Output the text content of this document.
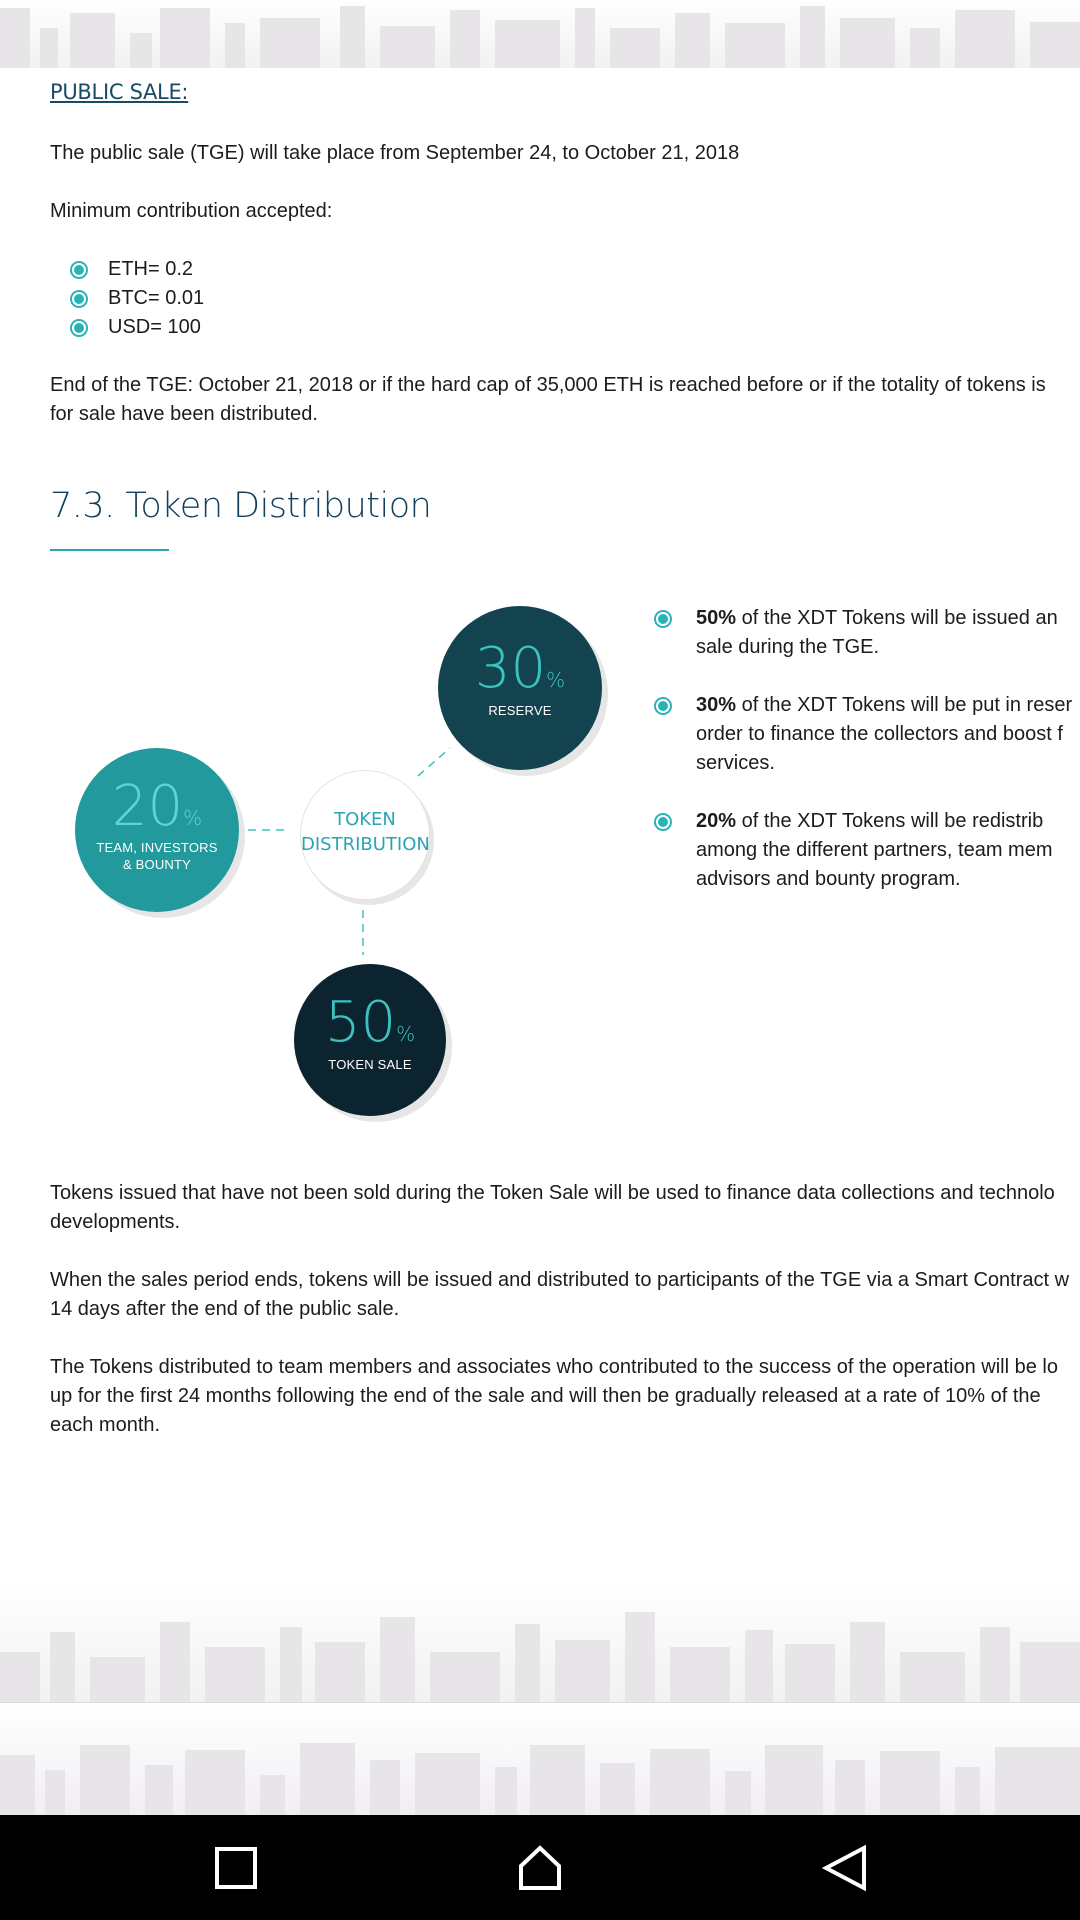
PUBLIC SALE:
The public sale (TGE) will take place from September 24, to October 21, 2018
Minimum contribution accepted:
ETH= 0.2
BTC= 0.01
USD= 100
End of the TGE: October 21, 2018 or if the hard cap of 35,000 ETH is reached before or if the totality of tokens is
for sale have been distributed.
7.3. Token Distribution
TOKEN
DISTRIBUTION
30%
RESERVE
20%
TEAM, INVESTORS
& BOUNTY
50%
TOKEN SALE
50% of the XDT Tokens will be issued an
sale during the TGE.
30% of the XDT Tokens will be put in reser
order to finance the collectors and boost f
services.
20% of the XDT Tokens will be redistrib
among the different partners, team mem
advisors and bounty program.
Tokens issued that have not been sold during the Token Sale will be used to finance data collections and technolo
developments.
When the sales period ends, tokens will be issued and distributed to participants of the TGE via a Smart Contract w
14 days after the end of the public sale.
The Tokens distributed to team members and associates who contributed to the success of the operation will be lo
up for the first 24 months following the end of the sale and will then be gradually released at a rate of 10% of the
each month.
